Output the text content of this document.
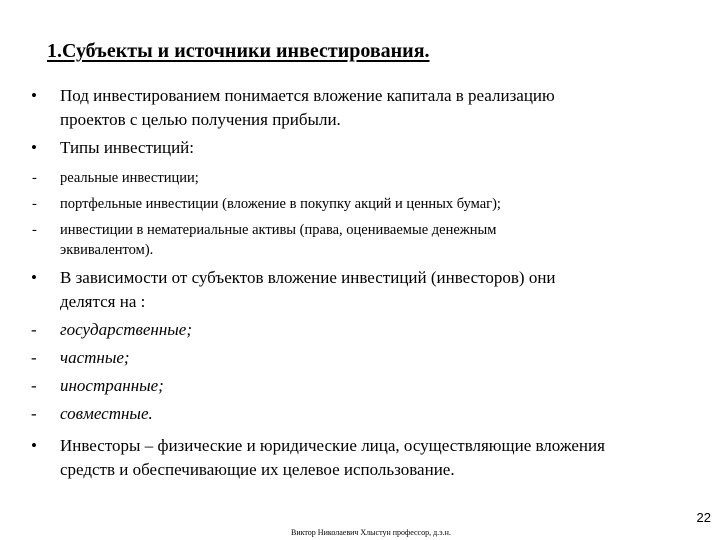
1.Субъекты и источники инвестирования.
• Под инвестированием понимается вложение капитала в реализацию
проектов с целью получения прибыли.
• Типы инвестиций:
- реальные инвестиции;
- портфельные инвестиции (вложение в покупку акций и ценных бумаг);
- инвестиции в нематериальные активы (права, оцениваемые денежным
эквивалентом).
• В зависимости от субъектов вложение инвестиций (инвесторов) они
делятся на :
- государственные;
- частные;
- иностранные;
- совместные.
• Инвесторы – физические и юридические лица, осуществляющие вложения
средств и обеспечивающие их целевое использование.
22
Виктор Николаевич Хлыстун профессор, д.э.н.
